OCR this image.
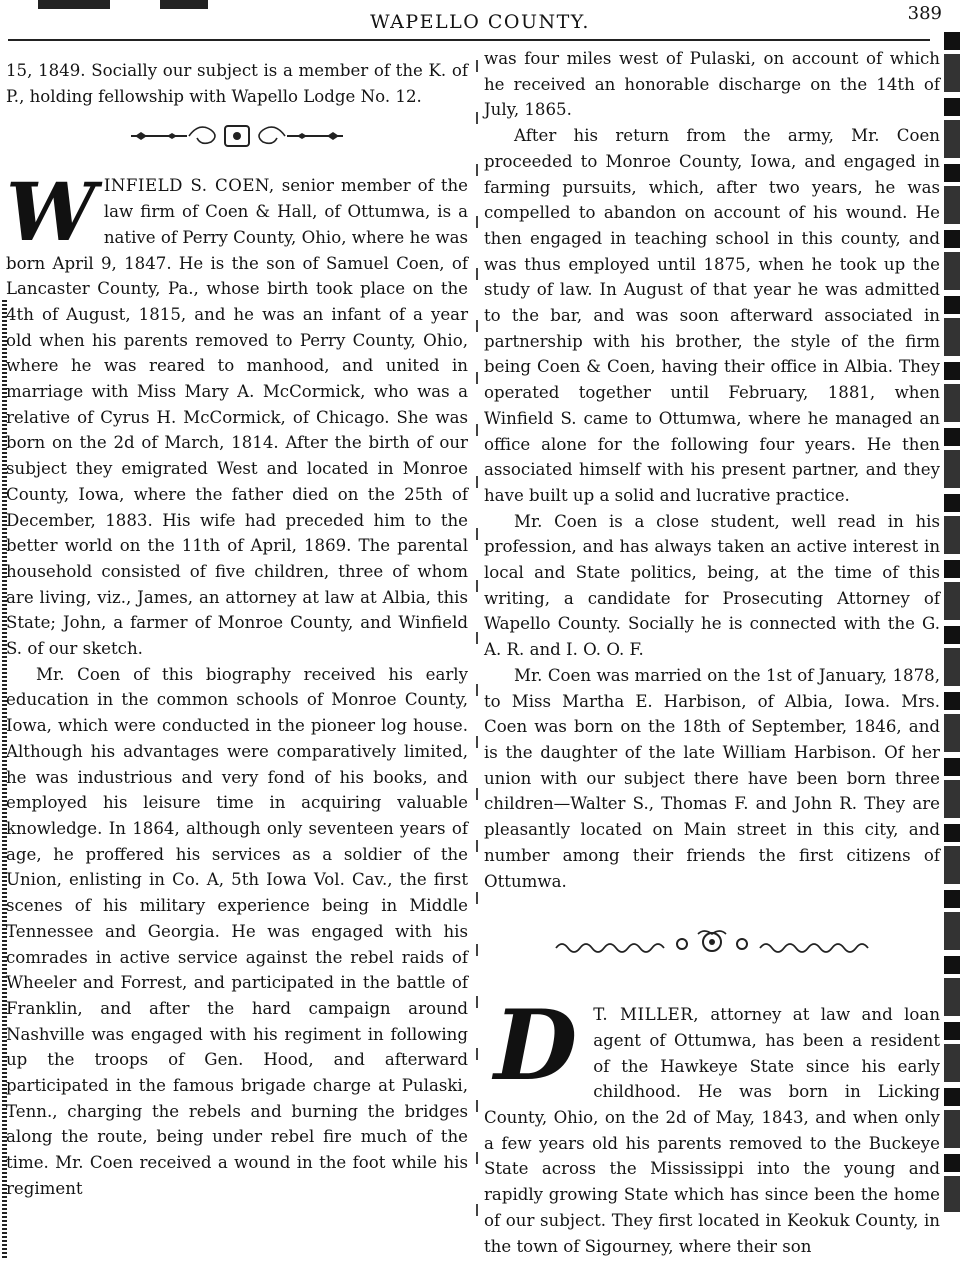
WAPELLO COUNTY.	389

15, 1849. Socially our subject is a member of the K. of P., holding fellowship with Wapello Lodge No. 12.

WINFIELD S. COEN, senior member of the law firm of Coen & Hall, of Ottumwa, is a native of Perry County, Ohio, where he was born April 9, 1847. He is the son of Samuel Coen, of Lancaster County, Pa., whose birth took place on the 4th of August, 1815, and he was an infant of a year old when his parents removed to Perry County, Ohio, where he was reared to manhood, and united in marriage with Miss Mary A. McCormick, who was a relative of Cyrus H. McCormick, of Chicago. She was born on the 2d of March, 1814. After the birth of our subject they emigrated West and located in Monroe County, Iowa, where the father died on the 25th of December, 1883. His wife had preceded him to the better world on the 11th of April, 1869. The parental household consisted of five children, three of whom are living, viz., James, an attorney at law at Albia, this State; John, a farmer of Monroe County, and Winfield S. of our sketch.

Mr. Coen of this biography received his early education in the common schools of Monroe County, Iowa, which were conducted in the pioneer log house. Although his advantages were comparatively limited, he was industrious and very fond of his books, and employed his leisure time in acquiring valuable knowledge. In 1864, although only seventeen years of age, he proffered his services as a soldier of the Union, enlisting in Co. A, 5th Iowa Vol. Cav., the first scenes of his military experience being in Middle Tennessee and Georgia. He was engaged with his comrades in active service against the rebel raids of Wheeler and Forrest, and participated in the battle of Franklin, and after the hard campaign around Nashville was engaged with his regiment in following up the troops of Gen. Hood, and afterward participated in the famous brigade charge at Pulaski, Tenn., charging the rebels and burning the bridges along the route, being under rebel fire much of the time. Mr. Coen received a wound in the foot while his regiment

was four miles west of Pulaski, on account of which he received an honorable discharge on the 14th of July, 1865.

After his return from the army, Mr. Coen proceeded to Monroe County, Iowa, and engaged in farming pursuits, which, after two years, he was compelled to abandon on account of his wound. He then engaged in teaching school in this county, and was thus employed until 1875, when he took up the study of law. In August of that year he was admitted to the bar, and was soon afterward associated in partnership with his brother, the style of the firm being Coen & Coen, having their office in Albia. They operated together until February, 1881, when Winfield S. came to Ottumwa, where he managed an office alone for the following four years. He then associated himself with his present partner, and they have built up a solid and lucrative practice.

Mr. Coen is a close student, well read in his profession, and has always taken an active interest in local and State politics, being, at the time of this writing, a candidate for Prosecuting Attorney of Wapello County. Socially he is connected with the G. A. R. and I. O. O. F.

Mr. Coen was married on the 1st of January, 1878, to Miss Martha E. Harbison, of Albia, Iowa. Mrs. Coen was born on the 18th of September, 1846, and is the daughter of the late William Harbison. Of her union with our subject there have been born three children—Walter S., Thomas F. and John R. They are pleasantly located on Main street in this city, and number among their friends the first citizens of Ottumwa.

D T. MILLER, attorney at law and loan agent of Ottumwa, has been a resident of the Hawkeye State since his early childhood. He was born in Licking County, Ohio, on the 2d of May, 1843, and when only a few years old his parents removed to the Buckeye State across the Mississippi into the young and rapidly growing State which has since been the home of our subject. They first located in Keokuk County, in the town of Sigourney, where their son
